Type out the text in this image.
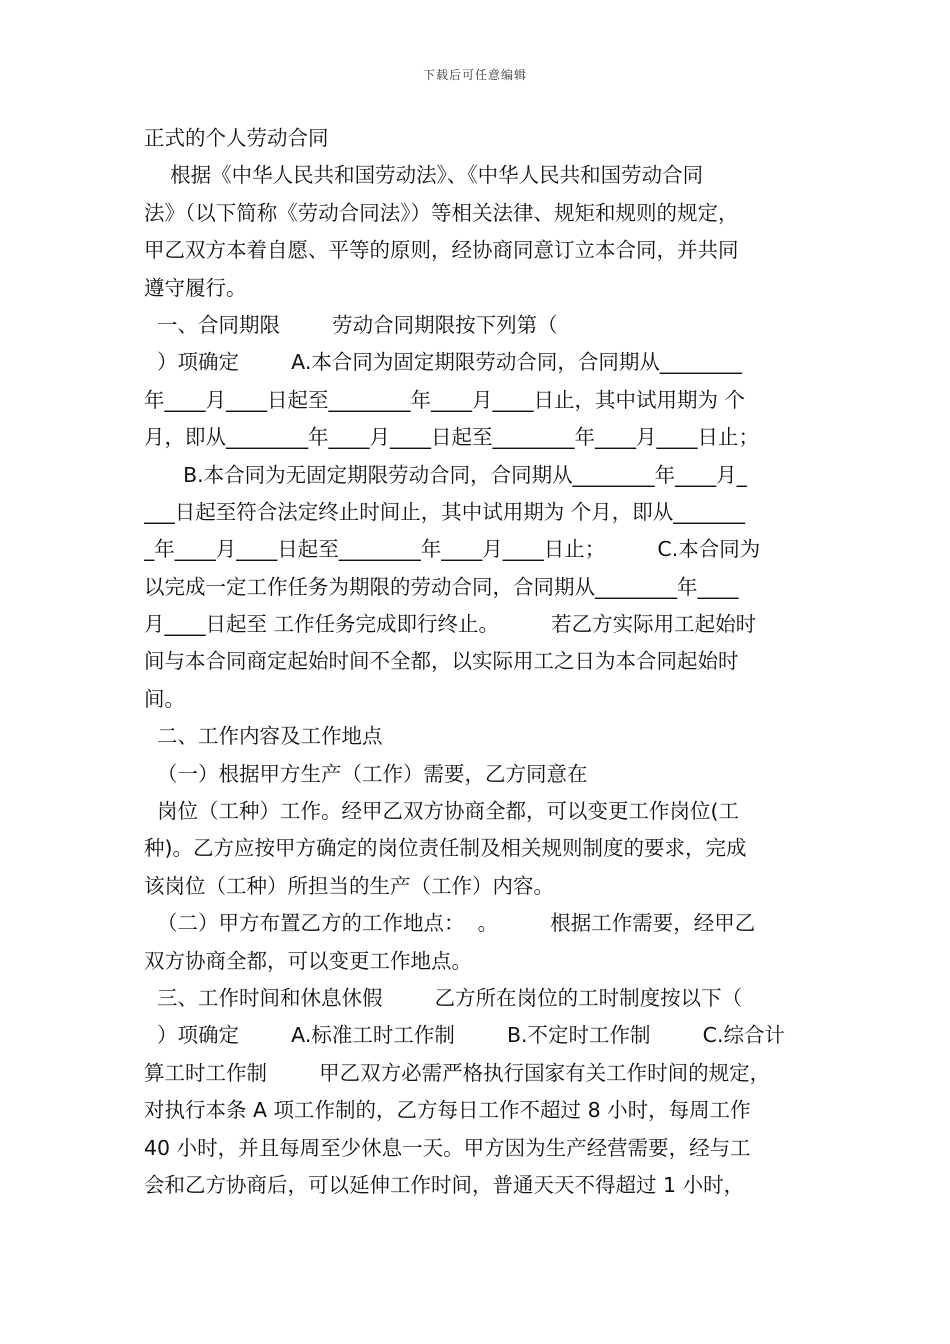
下载后可任意编辑
正式的个人劳动合同
根据《中华人民共和国劳动法》、《中华人民共和国劳动合同
法》（以下简称《劳动合同法》）等相关法律、规矩和规则的规定，
甲乙双方本着自愿、平等的原则，经协商同意订立本合同，并共同
遵守履行。
一、合同期限        劳动合同期限按下列第（
）项确定        A.本合同为固定期限劳动合同，合同期从________
年____月____日起至________年____月____日止，其中试用期为 个
月，即从________年____月____日起至________年____月____日止；
B.本合同为无固定期限劳动合同，合同期从________年____月_
___日起至符合法定终止时间止，其中试用期为 个月，即从_______
_年____月____日起至________年____月____日止；        C.本合同为
以完成一定工作任务为期限的劳动合同，合同期从________年____
月____日起至 工作任务完成即行终止。        若乙方实际用工起始时
间与本合同商定起始时间不全都，以实际用工之日为本合同起始时
间。
二、工作内容及工作地点
（一）根据甲方生产（工作）需要，乙方同意在
岗位（工种）工作。经甲乙双方协商全都，可以变更工作岗位(工
种)。乙方应按甲方确定的岗位责任制及相关规则制度的要求，完成
该岗位（工种）所担当的生产（工作）内容。
（二）甲方布置乙方的工作地点：  。        根据工作需要，经甲乙
双方协商全都，可以变更工作地点。
三、工作时间和休息休假        乙方所在岗位的工时制度按以下（
）项确定        A.标准工时工作制        B.不定时工作制        C.综合计
算工时工作制        甲乙双方必需严格执行国家有关工作时间的规定，
对执行本条 A 项工作制的，乙方每日工作不超过 8 小时，每周工作
40 小时，并且每周至少休息一天。甲方因为生产经营需要，经与工
会和乙方协商后，可以延伸工作时间，普通天天不得超过 1 小时，
